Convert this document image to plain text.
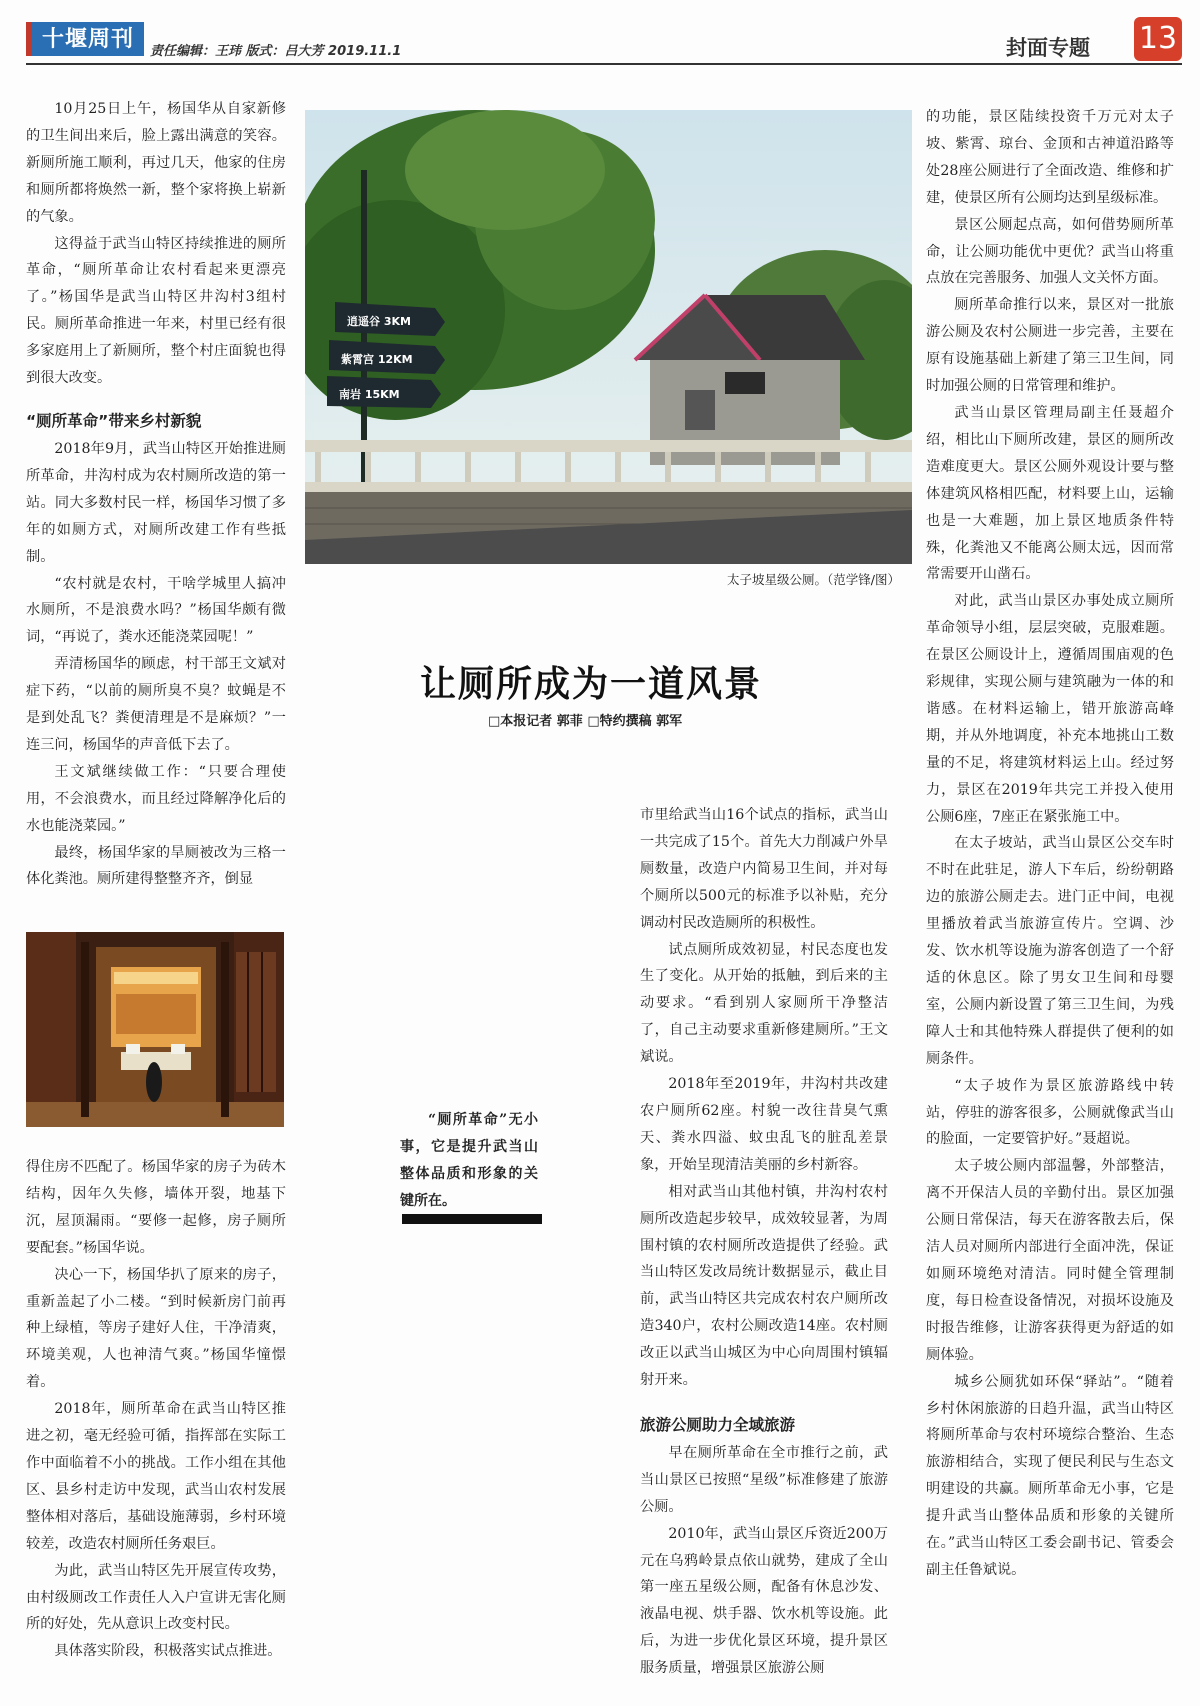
十堰周刊	责任编辑：王玮 版式：吕大芳 2019.11.1	封面专题 13

10月25日上午，杨国华从自家新修的卫生间出来后，脸上露出满意的笑容。新厕所施工顺利，再过几天，他家的住房和厕所都将焕然一新，整个家将换上崭新的气象。

这得益于武当山特区持续推进的厕所革命，“厕所革命让农村看起来更漂亮了。”杨国华是武当山特区井沟村3组村民。厕所革命推进一年来，村里已经有很多家庭用上了新厕所，整个村庄面貌也得到很大改变。

“厕所革命”带来乡村新貌

2018年9月，武当山特区开始推进厕所革命，井沟村成为农村厕所改造的第一站。同大多数村民一样，杨国华习惯了多年的如厕方式，对厕所改建工作有些抵制。

“农村就是农村，干啥学城里人搞冲水厕所，不是浪费水吗？”杨国华颇有微词，“再说了，粪水还能浇菜园呢！”

弄清杨国华的顾虑，村干部王文斌对症下药，“以前的厕所臭不臭？蚊蝇是不是到处乱飞？粪便清理是不是麻烦？”一连三问，杨国华的声音低下去了。

王文斌继续做工作：“只要合理使用，不会浪费水，而且经过降解净化后的水也能浇菜园。”

最终，杨国华家的旱厕被改为三格一体化粪池。厕所建得整整齐齐，倒显

得住房不匹配了。杨国华家的房子为砖木结构，因年久失修，墙体开裂，地基下沉，屋顶漏雨。“要修一起修，房子厕所要配套。”杨国华说。

决心一下，杨国华扒了原来的房子，重新盖起了小二楼。“到时候新房门前再种上绿植，等房子建好人住，干净清爽，环境美观，人也神清气爽。”杨国华憧憬着。

2018年，厕所革命在武当山特区推进之初，毫无经验可循，指挥部在实际工作中面临着不小的挑战。工作小组在其他区、县乡村走访中发现，武当山农村发展整体相对落后，基础设施薄弱，乡村环境较差，改造农村厕所任务艰巨。

为此，武当山特区先开展宣传攻势，由村级厕改工作责任人入户宣讲无害化厕所的好处，先从意识上改变村民。

具体落实阶段，积极落实试点推进。

逍遥谷 3KM
紫霄宫 12KM
南岩 15KM
太子坡星级公厕。（范学锋/图）
让厕所成为一道风景
□本报记者 郭菲 □特约撰稿 郭军
“厕所革命”无小事，它是提升武当山整体品质和形象的关键所在。

市里给武当山16个试点的指标，武当山一共完成了15个。首先大力削减户外旱厕数量，改造户内简易卫生间，并对每个厕所以500元的标准予以补贴，充分调动村民改造厕所的积极性。

试点厕所成效初显，村民态度也发生了变化。从开始的抵触，到后来的主动要求。“看到别人家厕所干净整洁了，自己主动要求重新修建厕所。”王文斌说。

2018年至2019年，井沟村共改建农户厕所62座。村貌一改往昔臭气熏天、粪水四溢、蚊虫乱飞的脏乱差景象，开始呈现清洁美丽的乡村新容。

相对武当山其他村镇，井沟村农村厕所改造起步较早，成效较显著，为周围村镇的农村厕所改造提供了经验。武当山特区发改局统计数据显示，截止目前，武当山特区共完成农村农户厕所改造340户，农村公厕改造14座。农村厕改正以武当山城区为中心向周围村镇辐射开来。

旅游公厕助力全域旅游

早在厕所革命在全市推行之前，武当山景区已按照“星级”标准修建了旅游公厕。

2010年，武当山景区斥资近200万元在乌鸦岭景点依山就势，建成了全山第一座五星级公厕，配备有休息沙发、液晶电视、烘手器、饮水机等设施。此后，为进一步优化景区环境，提升景区服务质量，增强景区旅游公厕

的功能，景区陆续投资千万元对太子坡、紫霄、琼台、金顶和古神道沿路等处28座公厕进行了全面改造、维修和扩建，使景区所有公厕均达到星级标准。

景区公厕起点高，如何借势厕所革命，让公厕功能优中更优？武当山将重点放在完善服务、加强人文关怀方面。

厕所革命推行以来，景区对一批旅游公厕及农村公厕进一步完善，主要在原有设施基础上新建了第三卫生间，同时加强公厕的日常管理和维护。

武当山景区管理局副主任聂超介绍，相比山下厕所改建，景区的厕所改造难度更大。景区公厕外观设计要与整体建筑风格相匹配，材料要上山，运输也是一大难题，加上景区地质条件特殊，化粪池又不能离公厕太远，因而常常需要开山凿石。

对此，武当山景区办事处成立厕所革命领导小组，层层突破，克服难题。在景区公厕设计上，遵循周围庙观的色彩规律，实现公厕与建筑融为一体的和谐感。在材料运输上，错开旅游高峰期，并从外地调度，补充本地挑山工数量的不足，将建筑材料运上山。经过努力，景区在2019年共完工并投入使用公厕6座，7座正在紧张施工中。

在太子坡站，武当山景区公交车时不时在此驻足，游人下车后，纷纷朝路边的旅游公厕走去。进门正中间，电视里播放着武当旅游宣传片。空调、沙发、饮水机等设施为游客创造了一个舒适的休息区。除了男女卫生间和母婴室，公厕内新设置了第三卫生间，为残障人士和其他特殊人群提供了便利的如厕条件。

“太子坡作为景区旅游路线中转站，停驻的游客很多，公厕就像武当山的脸面，一定要管护好。”聂超说。

太子坡公厕内部温馨，外部整洁，离不开保洁人员的辛勤付出。景区加强公厕日常保洁，每天在游客散去后，保洁人员对厕所内部进行全面冲洗，保证如厕环境绝对清洁。同时健全管理制度，每日检查设备情况，对损坏设施及时报告维修，让游客获得更为舒适的如厕体验。

城乡公厕犹如环保“驿站”。“随着乡村休闲旅游的日趋升温，武当山特区将厕所革命与农村环境综合整治、生态旅游相结合，实现了便民利民与生态文明建设的共赢。厕所革命无小事，它是提升武当山整体品质和形象的关键所在。”武当山特区工委会副书记、管委会副主任鲁斌说。
